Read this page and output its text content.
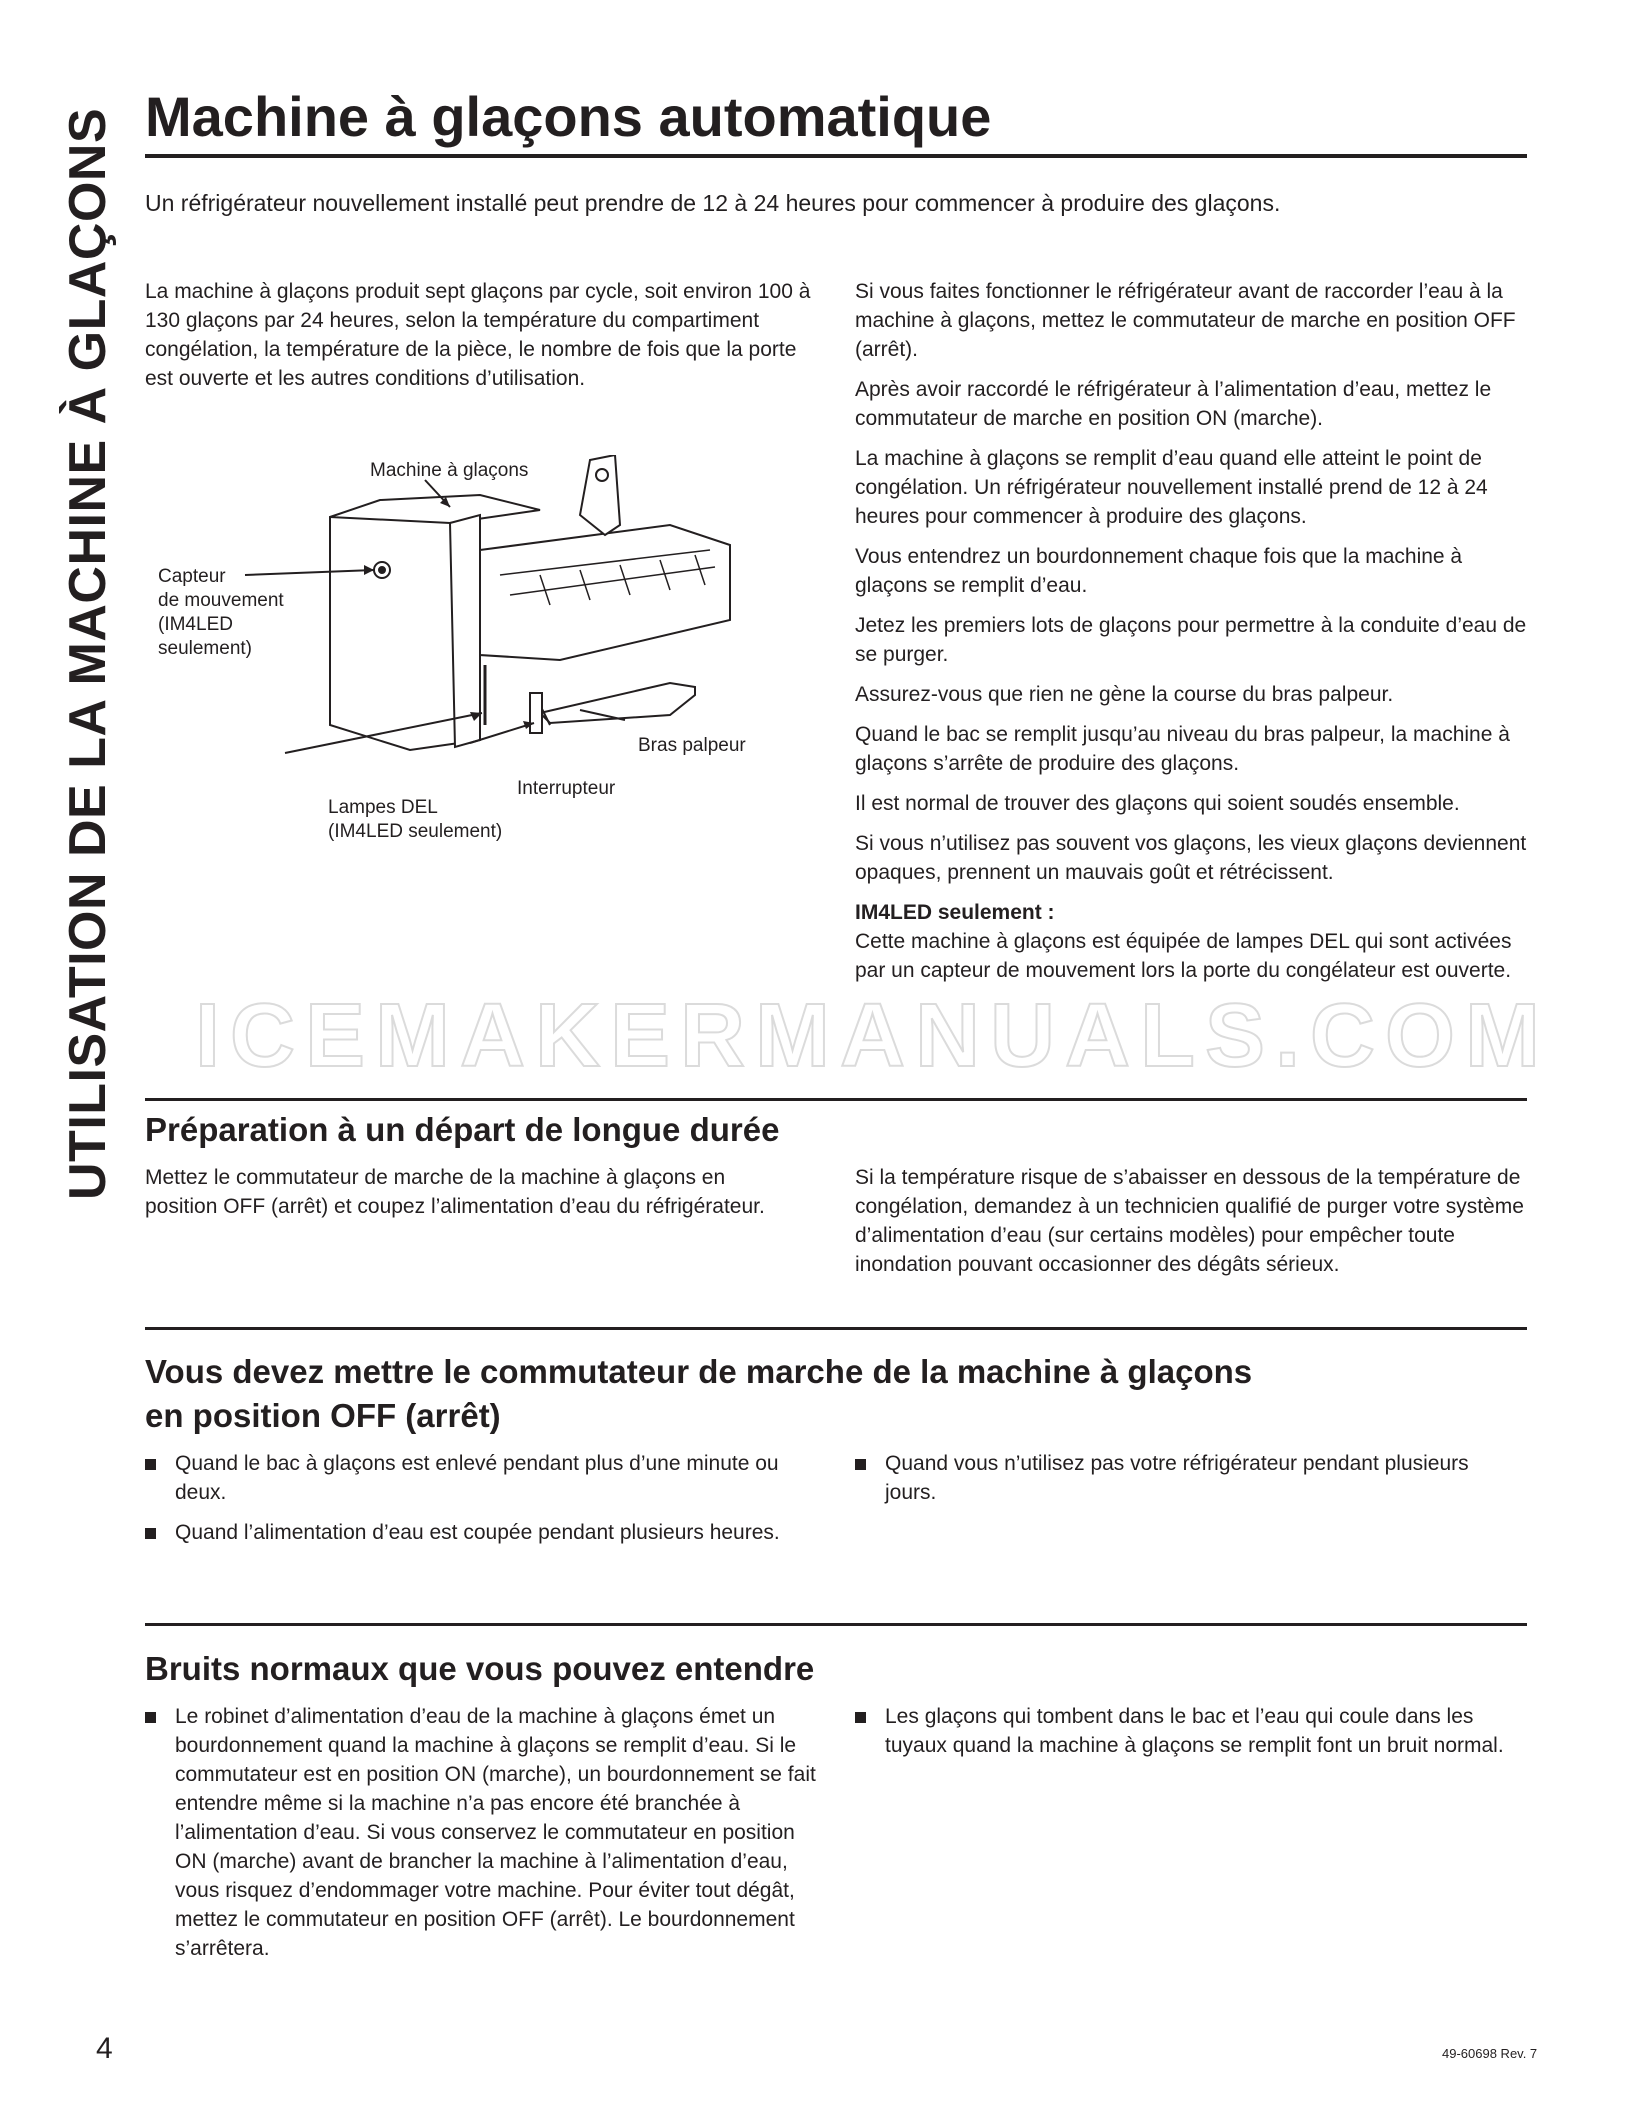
UTILISATION DE LA MACHINE À GLAÇONS Machine à glaçons automatique

Un réfrigérateur nouvellement installé peut prendre de 12 à 24 heures pour commencer à produire des glaçons.

La machine à glaçons produit sept glaçons par cycle, soit environ 100 à 130 glaçons par 24 heures, selon la température du compartiment congélation, la température de la pièce, le nombre de fois que la porte est ouverte et les autres conditions d’utilisation.

Machine à glaçons
Capteur
de mouvement
(IM4LED
seulement)
Bras palpeur
Interrupteur
Lampes DEL
(IM4LED seulement)

Si vous faites fonctionner le réfrigérateur avant de raccorder l’eau à la machine à glaçons, mettez le commutateur de marche en position OFF (arrêt).

Après avoir raccordé le réfrigérateur à l’alimentation d’eau, mettez le commutateur de marche en position ON (marche).

La machine à glaçons se remplit d’eau quand elle atteint le point de congélation. Un réfrigérateur nouvellement installé prend de 12 à 24 heures pour commencer à produire des glaçons.

Vous entendrez un bourdonnement chaque fois que la machine à glaçons se remplit d’eau.

Jetez les premiers lots de glaçons pour permettre à la conduite d’eau de se purger.

Assurez-vous que rien ne gène la course du bras palpeur.

Quand le bac se remplit jusqu’au niveau du bras palpeur, la machine à glaçons s’arrête de produire des glaçons.

Il est normal de trouver des glaçons qui soient soudés ensemble.

Si vous n’utilisez pas souvent vos glaçons, les vieux glaçons deviennent opaques, prennent un mauvais goût et rétrécissent.

IM4LED seulement :
Cette machine à glaçons est équipée de lampes DEL qui sont activées par un capteur de mouvement lors la porte du congélateur est ouverte.
ICEMAKERMANUALS.COM
Préparation à un départ de longue durée

Mettez le commutateur de marche de la machine à glaçons en position OFF (arrêt) et coupez l’alimentation d’eau du réfrigérateur.

Si la température risque de s’abaisser en dessous de la température de congélation, demandez à un technicien qualifié de purger votre système d’alimentation d’eau (sur certains modèles) pour empêcher toute inondation pouvant occasionner des dégâts sérieux.

Vous devez mettre le commutateur de marche de la machine à glaçons
en position OFF (arrêt)
Quand le bac à glaçons est enlevé pendant plus d’une minute ou deux.
Quand l’alimentation d’eau est coupée pendant plusieurs heures.
Quand vous n’utilisez pas votre réfrigérateur pendant plusieurs jours.
Bruits normaux que vous pouvez entendre
Le robinet d’alimentation d’eau de la machine à glaçons émet un bourdonnement quand la machine à glaçons se remplit d’eau. Si le commutateur est en position ON (marche), un bourdonnement se fait entendre même si la machine n’a pas encore été branchée à l’alimentation d’eau. Si vous conservez le commutateur en position ON (marche) avant de brancher la machine à l’alimentation d’eau, vous risquez d’endommager votre machine. Pour éviter tout dégât, mettez le commutateur en position OFF (arrêt). Le bourdonnement s’arrêtera.
Les glaçons qui tombent dans le bac et l’eau qui coule dans les tuyaux quand la machine à glaçons se remplit font un bruit normal.
4	49-60698 Rev. 7
